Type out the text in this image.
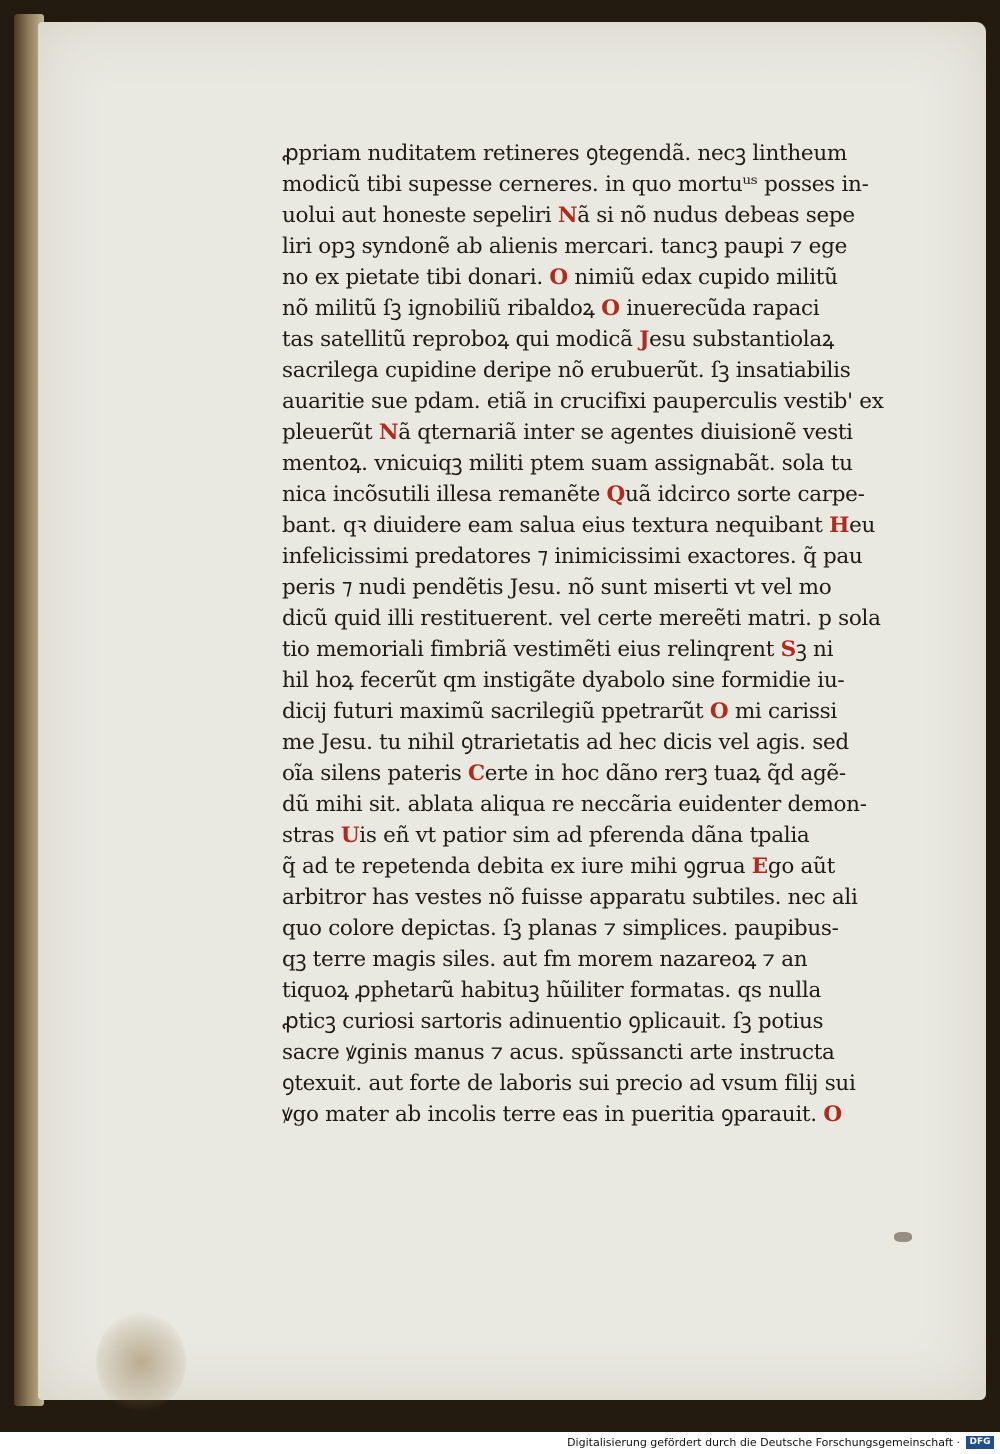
ꝓpriam nuditatem retineres ꝯtegendã. necꝫ lintheum
modicũ tibi supesse cerneres. in quo mortuᵘˢ posses in-
uolui aut honeste sepeliri Nã si nõ nudus debeas sepe
liri opꝫ syndonẽ ab alienis mercari. tancꝫ paupi ⁊ ege
no ex pietate tibi donari. O nimiũ edax cupido militũ
nõ militũ ſꝫ ignobiliũ ribaldoꝝ O inuerecũda rapaci
tas satellitũ reproboꝝ qui modicã Jesu substantiolaꝝ
sacrilega cupidine deripe nõ erubuerũt. ſꝫ insatiabilis
auaritie sue pdam. etiã in crucifixi pauperculis vestib' ex
pleuerũt Nã qternariã inter se agentes diuisionẽ vesti
mentoꝝ. vnicuiqꝫ militi ptem suam assignabãt. sola tu
nica incõsutili illesa remanẽte Quã idcirco sorte carpe-
bant. qꝛ diuidere eam salua eius textura nequibant Heu
infelicissimi predatores ⁊ inimicissimi exactores. q̃ pau
peris ⁊ nudi pendẽtis Jesu. nõ sunt miserti vt vel mo
dicũ quid illi restituerent. vel certe mereẽti matri. p sola
tio memoriali fimbriã vestimẽti eius relinqrent Sꝫ ni
hil hoꝝ fecerũt qm instigãte dyabolo sine formidie iu-
dicij futuri maximũ sacrilegiũ ppetrarũt O mi carissi
me Jesu. tu nihil ꝯtrarietatis ad hec dicis vel agis. sed
oĩa silens pateris Certe in hoc dãno rerꝫ tuaꝝ q̃d agẽ-
dũ mihi sit. ablata aliqua re neccãria euidenter demon-
stras Uis eñ vt patior sim ad pferenda dãna tpalia
q̃ ad te repetenda debita ex iure mihi ꝯgrua Ego aũt
arbitror has vestes nõ fuisse apparatu subtiles. nec ali
quo colore depictas. ſꝫ planas ⁊ simplices. paupibus-
qꝫ terre magis siles. aut fm morem nazareoꝝ ⁊ an
tiquoꝝ ꝓphetarũ habituꝫ hũiliter formatas. qs nulla
ꝓticꝫ curiosi sartoris adinuentio ꝯplicauit. ſꝫ potius
sacre ꝟginis manus ⁊ acus. spũssancti arte instructa
ꝯtexuit. aut forte de laboris sui precio ad vsum filij sui
ꝟgo mater ab incolis terre eas in pueritia ꝯparauit. O
Digitalisierung gefördert durch die Deutsche Forschungsgemeinschaft ·	DFG
